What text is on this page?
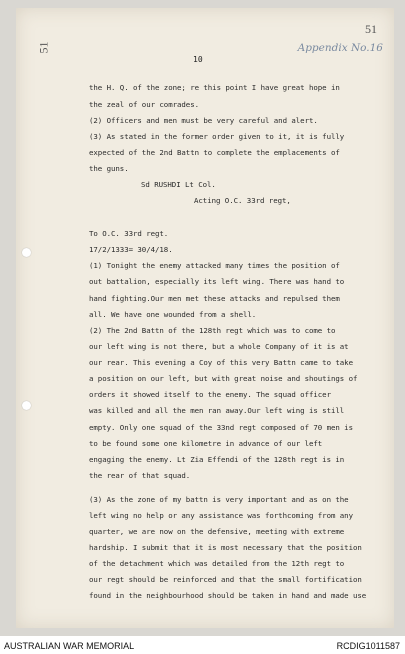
51
51	Appendix No.16
10
the H. Q. of the zone; re this point I have great hope in
the zeal of our comrades.
(2) Officers and men must be very careful and alert.
(3) As stated in the former order given to it, it is fully
expected of the 2nd Battn to complete the emplacements of
the guns.
Sd RUSHDI Lt Col.
Acting O.C. 33rd regt,
To O.C. 33rd regt.
17/2/1333= 30/4/18.
(1) Tonight the enemy attacked many times the position of
out battalion, especially its left wing. There was hand to
hand fighting.Our men met these attacks and repulsed them
all. We have one wounded from a shell.
(2) The 2nd Battn of the 128th regt which was to come to
our left wing is not there, but a whole Company of it is at
our rear. This evening a Coy of this very Battn came to take
a position on our left, but with great noise and shoutings of
orders it showed itself to the enemy. The squad officer
was killed and all the men ran away.Our left wing is still
empty. Only one squad of the 33nd regt composed of 70 men is
to be found some one kilometre in advance of our left
engaging the enemy. Lt Zia Effendi of the 128th regt is in
the rear of that squad.
(3) As the zone of my battn is very important and as on the
left wing no help or any assistance was forthcoming from any
quarter, we are now on the defensive, meeting with extreme
hardship. I submit that it is most necessary that the position
of the detachment which was detailed from the 12th regt to
our regt should be reinforced and that the small fortification
found in the neighbourhood should be taken in hand and made use
AUSTRALIAN WAR MEMORIAL	RCDIG1011587
